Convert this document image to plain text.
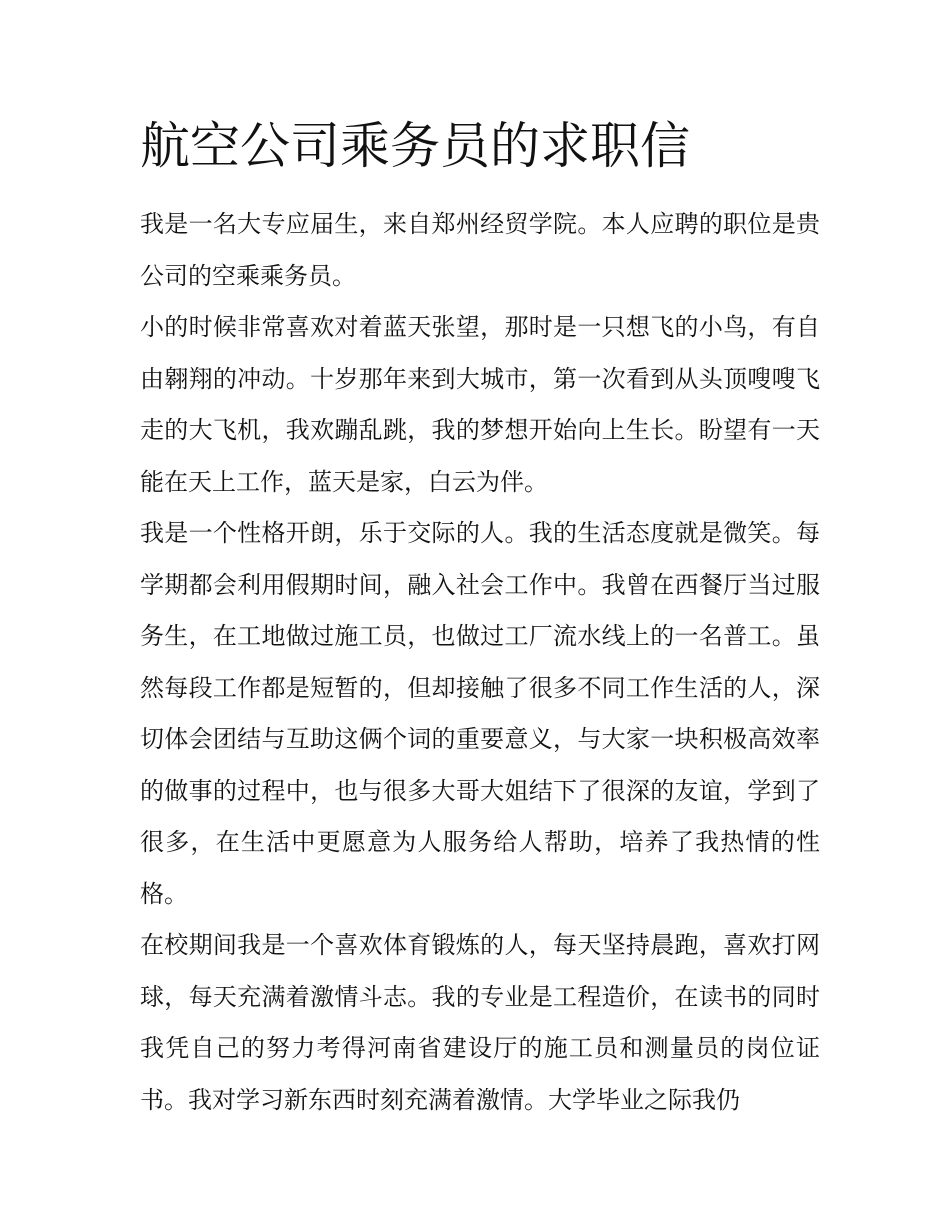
航空公司乘务员的求职信

我是一名大专应届生，来自郑州经贸学院。本人应聘的职位是贵公司的空乘乘务员。

小的时候非常喜欢对着蓝天张望，那时是一只想飞的小鸟，有自由翱翔的冲动。十岁那年来到大城市，第一次看到从头顶嗖嗖飞走的大飞机，我欢蹦乱跳，我的梦想开始向上生长。盼望有一天能在天上工作，蓝天是家，白云为伴。

我是一个性格开朗，乐于交际的人。我的生活态度就是微笑。每学期都会利用假期时间，融入社会工作中。我曾在西餐厅当过服务生，在工地做过施工员，也做过工厂流水线上的一名普工。虽然每段工作都是短暂的，但却接触了很多不同工作生活的人，深切体会团结与互助这俩个词的重要意义，与大家一块积极高效率的做事的过程中，也与很多大哥大姐结下了很深的友谊，学到了很多，在生活中更愿意为人服务给人帮助，培养了我热情的性格。

在校期间我是一个喜欢体育锻炼的人，每天坚持晨跑，喜欢打网球，每天充满着激情斗志。我的专业是工程造价，在读书的同时我凭自己的努力考得河南省建设厅的施工员和测量员的岗位证书。我对学习新东西时刻充满着激情。大学毕业之际我仍
